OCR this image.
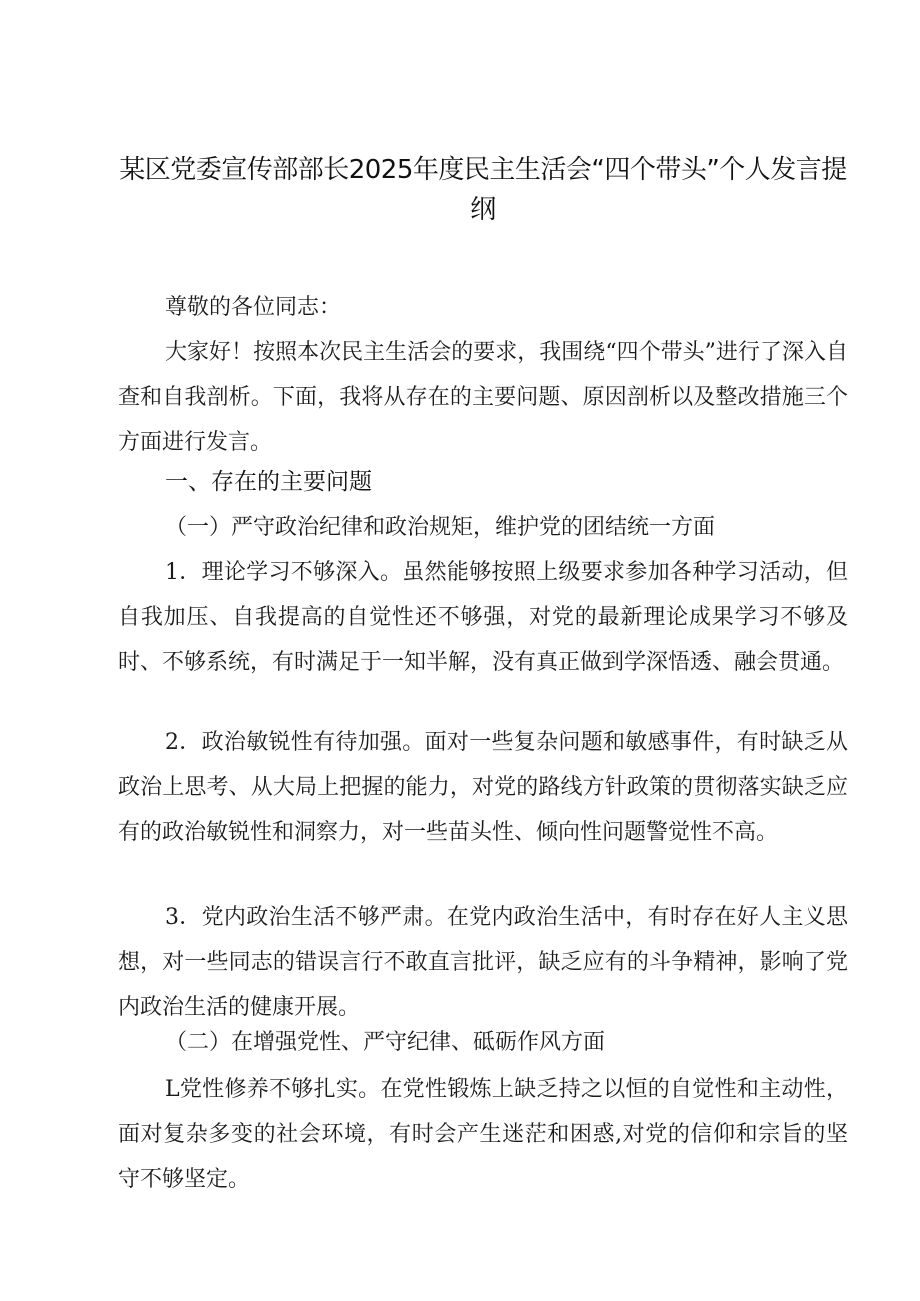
某区党委宣传部部长2025年度民主生活会“四个带头”个人发言提
纲
尊敬的各位同志：
大家好！按照本次民主生活会的要求，我围绕“四个带头”进行了深入自查和自我剖析。下面，我将从存在的主要问题、原因剖析以及整改措施三个方面进行发言。
一、存在的主要问题
（一）严守政治纪律和政治规矩，维护党的团结统一方面
1．理论学习不够深入。虽然能够按照上级要求参加各种学习活动，但自我加压、自我提高的自觉性还不够强，对党的最新理论成果学习不够及时、不够系统，有时满足于一知半解，没有真正做到学深悟透、融会贯通。
2．政治敏锐性有待加强。面对一些复杂问题和敏感事件，有时缺乏从政治上思考、从大局上把握的能力，对党的路线方针政策的贯彻落实缺乏应有的政治敏锐性和洞察力，对一些苗头性、倾向性问题警觉性不高。
3．党内政治生活不够严肃。在党内政治生活中，有时存在好人主义思想，对一些同志的错误言行不敢直言批评，缺乏应有的斗争精神，影响了党内政治生活的健康开展。
（二）在增强党性、严守纪律、砥砺作风方面
L党性修养不够扎实。在党性锻炼上缺乏持之以恒的自觉性和主动性，面对复杂多变的社会环境，有时会产生迷茫和困惑,对党的信仰和宗旨的坚守不够坚定。
